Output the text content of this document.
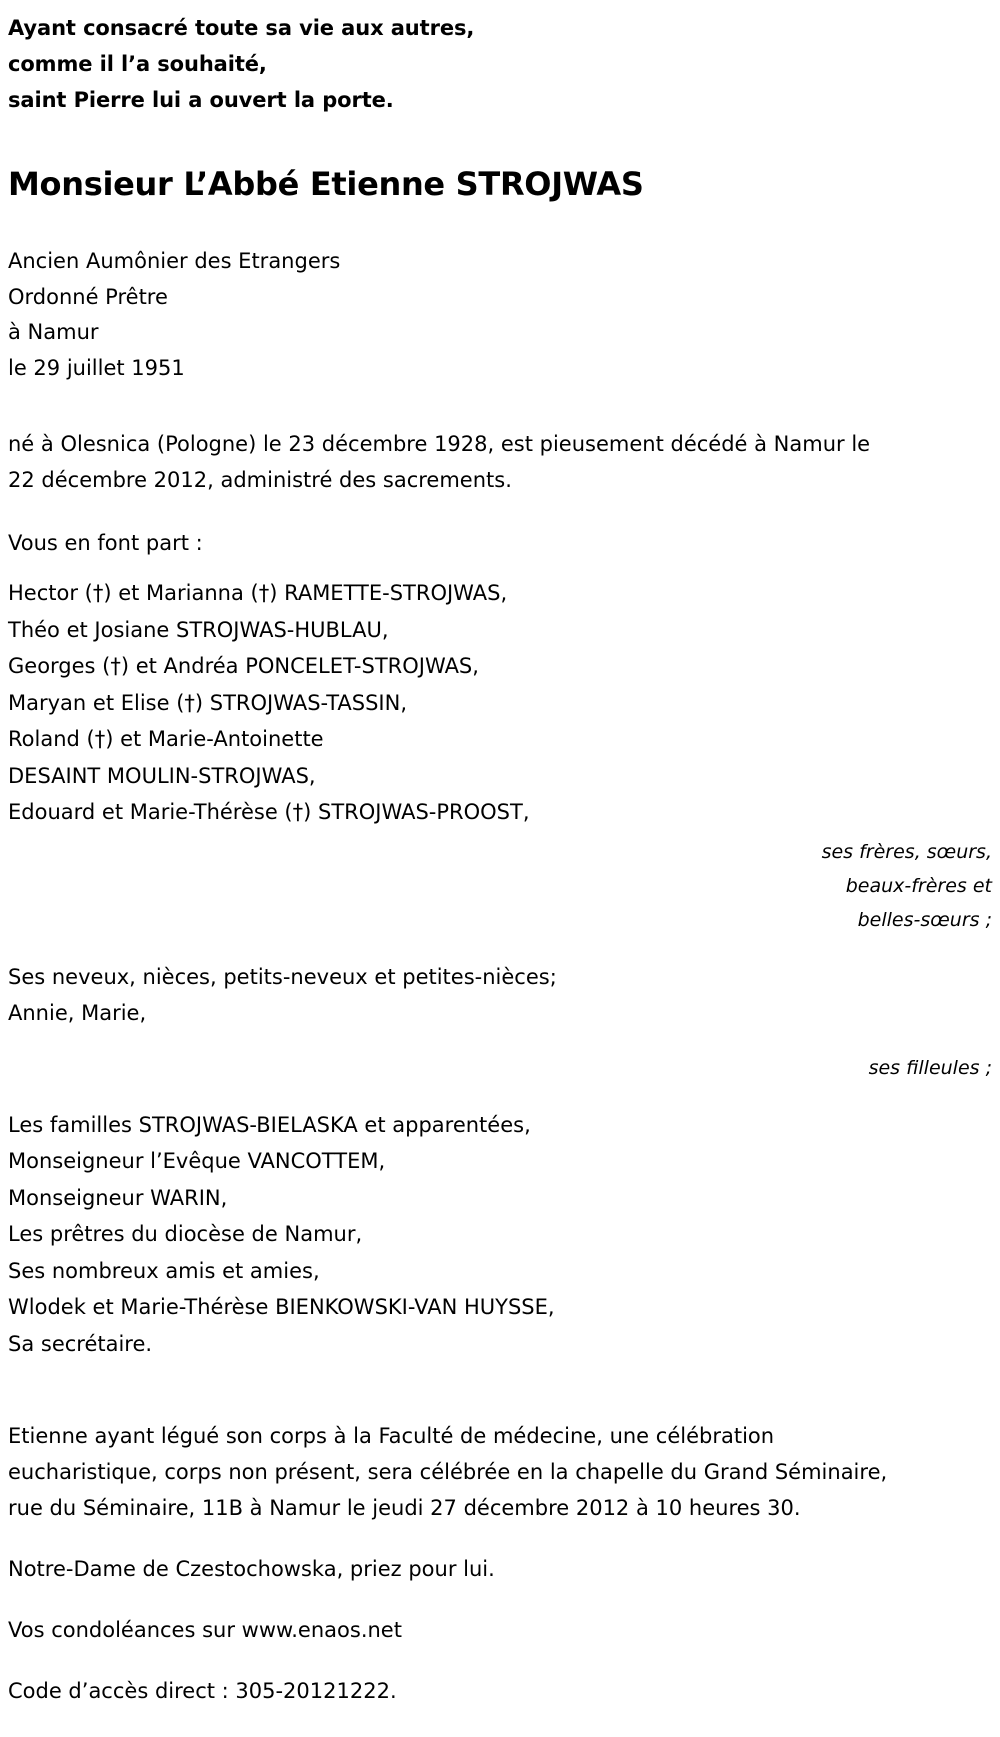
Ayant consacré toute sa vie aux autres,
comme il l’a souhaité,
saint Pierre lui a ouvert la porte.
Monsieur L’Abbé Etienne STROJWAS
Ancien Aumônier des Etrangers
Ordonné Prêtre
à Namur
le 29 juillet 1951
né à Olesnica (Pologne) le 23 décembre 1928, est pieusement décédé à Namur le 22 décembre 2012, administré des sacrements.
Vous en font part :
Hector (†) et Marianna (†) RAMETTE-STROJWAS,
Théo et Josiane STROJWAS-HUBLAU,
Georges (†) et Andréa PONCELET-STROJWAS,
Maryan et Elise (†) STROJWAS-TASSIN,
Roland (†) et Marie-Antoinette
DESAINT MOULIN-STROJWAS,
Edouard et Marie-Thérèse (†) STROJWAS-PROOST,
ses frères, sœurs,
beaux-frères et
belles-sœurs ;
Ses neveux, nièces, petits-neveux et petites-nièces;
Annie, Marie,
ses filleules ;
Les familles STROJWAS-BIELASKA et apparentées,
Monseigneur l’Evêque VANCOTTEM,
Monseigneur WARIN,
Les prêtres du diocèse de Namur,
Ses nombreux amis et amies,
Wlodek et Marie-Thérèse BIENKOWSKI-VAN HUYSSE,
Sa secrétaire.

Etienne ayant légué son corps à la Faculté de médecine, une célébration eucharistique, corps non présent, sera célébrée en la chapelle du Grand Séminaire, rue du Séminaire, 11B à Namur le jeudi 27 décembre 2012 à 10 heures 30.

Notre-Dame de Czestochowska, priez pour lui.

Vos condoléances sur www.enaos.net

Code d’accès direct : 305-20121222.
